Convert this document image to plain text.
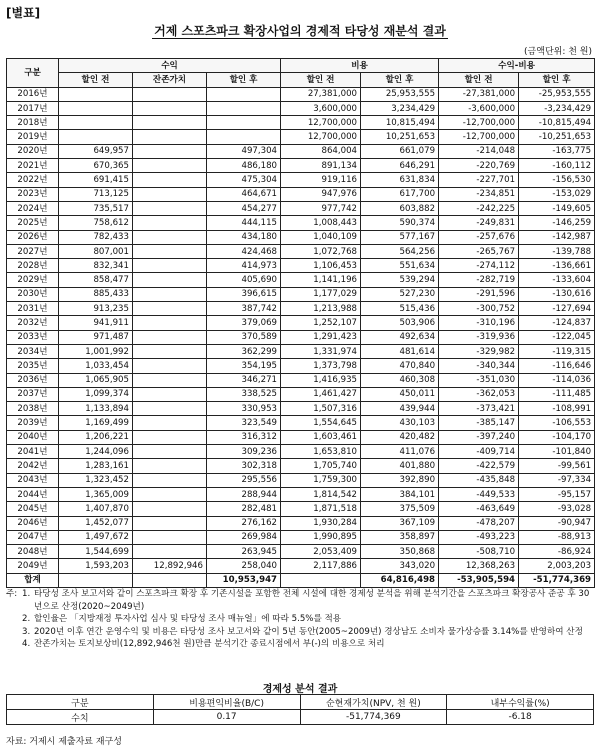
[별표]
거제 스포츠파크 확장사업의 경제적 타당성 재분석 결과
(금액단위: 천 원)
구분	수익			비용		수익-비용	
	할인 전	잔존가치	할인 후	할인 전	할인 후	할인 전	할인 후
2016년				27,381,000	25,953,555	-27,381,000	-25,953,555
2017년				3,600,000	3,234,429	-3,600,000	-3,234,429
2018년				12,700,000	10,815,494	-12,700,000	-10,815,494
2019년				12,700,000	10,251,653	-12,700,000	-10,251,653
2020년	649,957		497,304	864,004	661,079	-214,048	-163,775
2021년	670,365		486,180	891,134	646,291	-220,769	-160,112
2022년	691,415		475,304	919,116	631,834	-227,701	-156,530
2023년	713,125		464,671	947,976	617,700	-234,851	-153,029
2024년	735,517		454,277	977,742	603,882	-242,225	-149,605
2025년	758,612		444,115	1,008,443	590,374	-249,831	-146,259
2026년	782,433		434,180	1,040,109	577,167	-257,676	-142,987
2027년	807,001		424,468	1,072,768	564,256	-265,767	-139,788
2028년	832,341		414,973	1,106,453	551,634	-274,112	-136,661
2029년	858,477		405,690	1,141,196	539,294	-282,719	-133,604
2030년	885,433		396,615	1,177,029	527,230	-291,596	-130,616
2031년	913,235		387,742	1,213,988	515,436	-300,752	-127,694
2032년	941,911		379,069	1,252,107	503,906	-310,196	-124,837
2033년	971,487		370,589	1,291,423	492,634	-319,936	-122,045
2034년	1,001,992		362,299	1,331,974	481,614	-329,982	-119,315
2035년	1,033,454		354,195	1,373,798	470,840	-340,344	-116,646
2036년	1,065,905		346,271	1,416,935	460,308	-351,030	-114,036
2037년	1,099,374		338,525	1,461,427	450,011	-362,053	-111,485
2038년	1,133,894		330,953	1,507,316	439,944	-373,421	-108,991
2039년	1,169,499		323,549	1,554,645	430,103	-385,147	-106,553
2040년	1,206,221		316,312	1,603,461	420,482	-397,240	-104,170
2041년	1,244,096		309,236	1,653,810	411,076	-409,714	-101,840
2042년	1,283,161		302,318	1,705,740	401,880	-422,579	-99,561
2043년	1,323,452		295,556	1,759,300	392,890	-435,848	-97,334
2044년	1,365,009		288,944	1,814,542	384,101	-449,533	-95,157
2045년	1,407,870		282,481	1,871,518	375,509	-463,649	-93,028
2046년	1,452,077		276,162	1,930,284	367,109	-478,207	-90,947
2047년	1,497,672		269,984	1,990,895	358,897	-493,223	-88,913
2048년	1,544,699		263,945	2,053,409	350,868	-508,710	-86,924
2049년	1,593,203	12,892,946	258,040	2,117,886	343,020	12,368,263	2,003,203
합계			10,953,947		64,816,498	-53,905,594	-51,774,369
주: 1. 타당성 조사 보고서와 같이 스포츠파크 확장 후 기존시설을 포함한 전체 시설에 대한 경제성 분석을 위해 분석기간을 스포츠파크 확장공사 준공 후 30년으로 산정(2020~2049년)
2. 할인율은 「지방재정 투자사업 심사 및 타당성 조사 매뉴얼」에 따라 5.5%를 적용
3. 2020년 이후 연간 운영수익 및 비용은 타당성 조사 보고서와 같이 5년 동안(2005~2009년) 경상남도 소비자 물가상승률 3.14%를 반영하여 산정
4. 잔존가치는 토지보상비(12,892,946천 원)만큼 분석기간 종료시점에서 부(-)의 비용으로 처리
경제성 분석 결과
구분	비용편익비율(B/C)	순현재가치(NPV, 천 원)	내부수익률(%)
수치	0.17	-51,774,369	-6.18
자료: 거제시 제출자료 재구성
